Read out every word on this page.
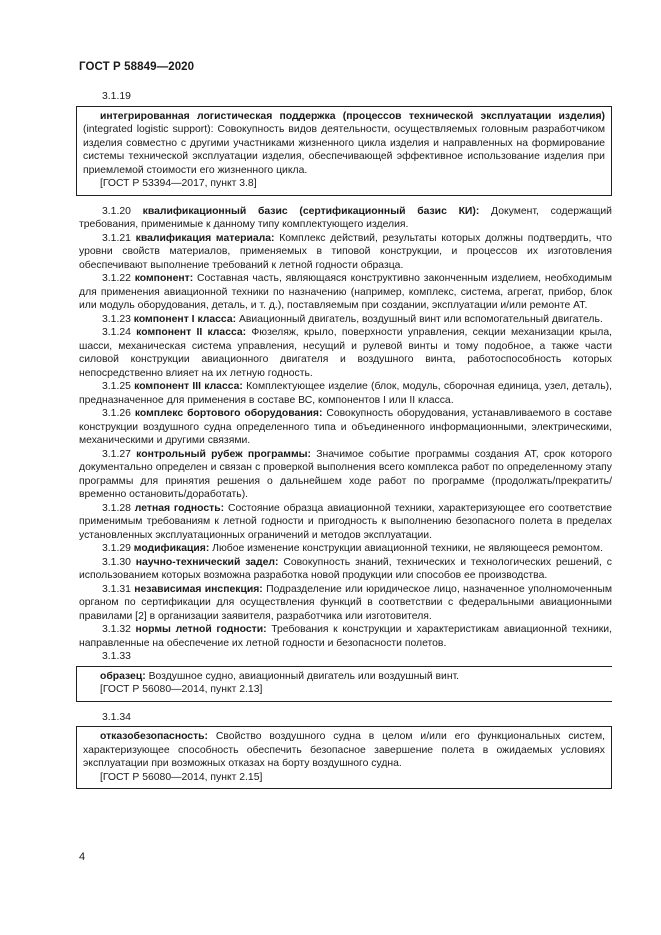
ГОСТ Р 58849—2020
3.1.19

интегрированная логистическая поддержка (процессов технической эксплуатации изделия) (integrated logistic support): Совокупность видов деятельности, осуществляемых головным разработчиком изделия совместно с другими участниками жизненного цикла изделия и направленных на формирование системы технической эксплуатации изделия, обеспечивающей эффективное использование изделия при приемлемой стоимости его жизненного цикла.

[ГОСТ Р 53394—2017, пункт 3.8]

3.1.20 квалификационный базис (сертификационный базис КИ): Документ, содержащий требования, применимые к данному типу комплектующего изделия.

3.1.21 квалификация материала: Комплекс действий, результаты которых должны подтвердить, что уровни свойств материалов, применяемых в типовой конструкции, и процессов их изготовления обеспечивают выполнение требований к летной годности образца.

3.1.22 компонент: Составная часть, являющаяся конструктивно законченным изделием, необходимым для применения авиационной техники по назначению (например, комплекс, система, агрегат, прибор, блок или модуль оборудования, деталь, и т. д.), поставляемым при создании, эксплуатации и/или ремонте АТ.

3.1.23 компонент I класса: Авиационный двигатель, воздушный винт или вспомогательный двигатель.

3.1.24 компонент II класса: Фюзеляж, крыло, поверхности управления, секции механизации крыла, шасси, механическая система управления, несущий и рулевой винты и тому подобное, а также части силовой конструкции авиационного двигателя и воздушного винта, работоспособность которых непосредственно влияет на их летную годность.

3.1.25 компонент III класса: Комплектующее изделие (блок, модуль, сборочная единица, узел, деталь), предназначенное для применения в составе ВС, компонентов I или II класса.

3.1.26 комплекс бортового оборудования: Совокупность оборудования, устанавливаемого в составе конструкции воздушного судна определенного типа и объединенного информационными, электрическими, механическими и другими связями.

3.1.27 контрольный рубеж программы: Значимое событие программы создания АТ, срок которого документально определен и связан с проверкой выполнения всего комплекса работ по определенному этапу программы для принятия решения о дальнейшем ходе работ по программе (продолжать/прекратить/временно остановить/доработать).

3.1.28 летная годность: Состояние образца авиационной техники, характеризующее его соответствие применимым требованиям к летной годности и пригодность к выполнению безопасного полета в пределах установленных эксплуатационных ограничений и методов эксплуатации.

3.1.29 модификация: Любое изменение конструкции авиационной техники, не являющееся ремонтом.

3.1.30 научно-технический задел: Совокупность знаний, технических и технологических решений, с использованием которых возможна разработка новой продукции или способов ее производства.

3.1.31 независимая инспекция: Подразделение или юридическое лицо, назначенное уполномоченным органом по сертификации для осуществления функций в соответствии с федеральными авиационными правилами [2] в организации заявителя, разработчика или изготовителя.

3.1.32 нормы летной годности: Требования к конструкции и характеристикам авиационной техники, направленные на обеспечение их летной годности и безопасности полетов.

3.1.33

образец: Воздушное судно, авиационный двигатель или воздушный винт.

[ГОСТ Р 56080—2014, пункт 2.13]

3.1.34

отказобезопасность: Свойство воздушного судна в целом и/или его функциональных систем, характеризующее способность обеспечить безопасное завершение полета в ожидаемых условиях эксплуатации при возможных отказах на борту воздушного судна.

[ГОСТ Р 56080—2014, пункт 2.15]

4
